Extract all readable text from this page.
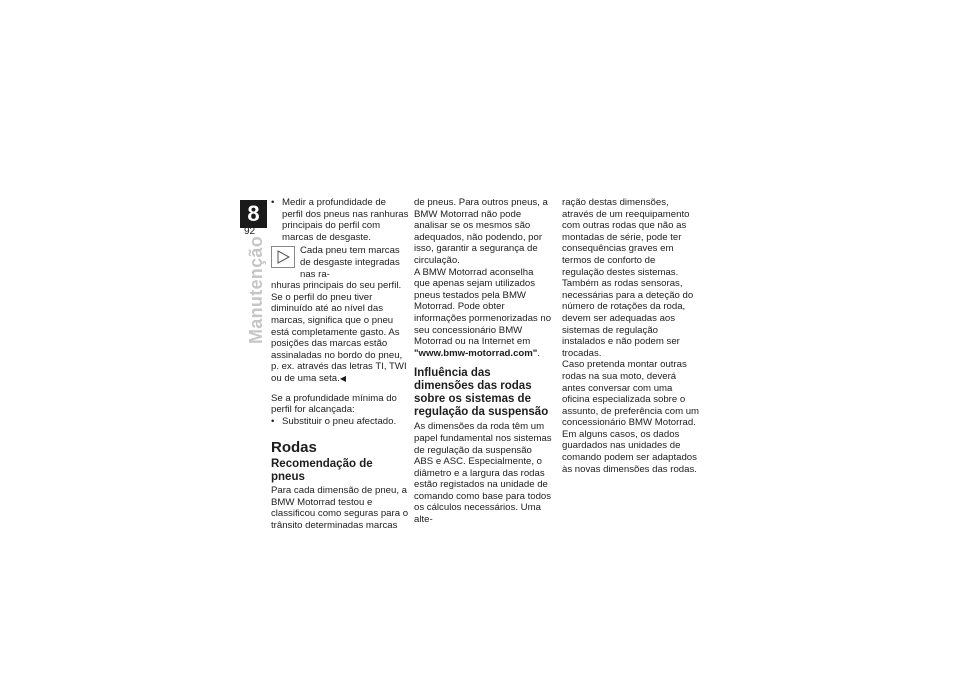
8
92
Manutenção
• Medir a profundidade de perfil dos pneus nas ranhuras principais do perfil com marcas de desgaste.
Cada pneu tem marcas de desgaste integradas nas ra-

nhuras principais do seu perfil. Se o perfil do pneu tiver diminuído até ao nível das marcas, significa que o pneu está completamente gasto. As posições das marcas estão assinaladas no bordo do pneu, p. ex. através das letras TI, TWI ou de uma seta.◀

Se a profundidade mínima do perfil for alcançada:

• Substituir o pneu afectado.
Rodas
Recomendação de pneus

Para cada dimensão de pneu, a BMW Motorrad testou e classificou como seguras para o trânsito determinadas marcas

de pneus. Para outros pneus, a BMW Motorrad não pode analisar se os mesmos são adequados, não podendo, por isso, garantir a segurança de circulação.

A BMW Motorrad aconselha que apenas sejam utilizados pneus testados pela BMW Motorrad. Pode obter informações pormenorizadas no seu concessionário BMW Motorrad ou na Internet em "www.bmw-motorrad.com".

Influência das dimensões das rodas sobre os sistemas de regulação da suspensão

As dimensões da roda têm um papel fundamental nos sistemas de regulação da suspensão ABS e ASC. Especialmente, o diâmetro e a largura das rodas estão registados na unidade de comando como base para todos os cálculos necessários. Uma alte-

ração destas dimensões, através de um reequipamento com outras rodas que não as montadas de série, pode ter consequências graves em termos de conforto de regulação destes sistemas.

Também as rodas sensoras, necessárias para a deteção do número de rotações da roda, devem ser adequadas aos sistemas de regulação instalados e não podem ser trocadas.

Caso pretenda montar outras rodas na sua moto, deverá antes conversar com uma oficina especializada sobre o assunto, de preferência com um concessionário BMW Motorrad. Em alguns casos, os dados guardados nas unidades de comando podem ser adaptados às novas dimensões das rodas.
